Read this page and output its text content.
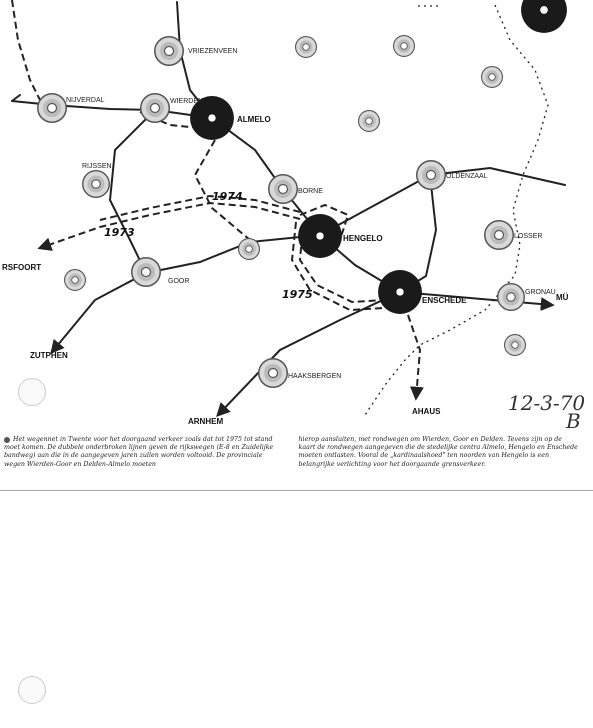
VRIEZENVEEN
NIJVERDAL	WIERDEN
ALMELO
RIJSSEN
BORNE
OLDENZAAL
HENGELO	LOSSER
GOOR
GRONAU
ENSCHEDE
HAAKSBERGEN
RSFOORT
ZUTPHEN
ARNHEM
AHAUS
MÜ
1974
1973
1975
12-3-70
B

Het wegennet in Twente voor het doorgaand verkeer zoals dat tot 1975 tot stand moet komen. De dubbele onderbroken lijnen geven de rijkswegen (E-8 en Zuidelijke bandweg) aan die in de aangegeven jaren zullen worden voltooid. De provinciale wegen Wierden-Goor en Delden-Almelo moeten

hierop aansluiten, met rondwegen om Wierden, Goor en Delden. Tevens zijn op de kaart de rondwegen aangegeven die de stedelijke centra Almelo, Hengelo en Enschede moeten ontlasten. Vooral de „kardinaalshoed" ten noorden van Hengelo is een belangrijke verlichting voor het doorgaande grensverkeer.
